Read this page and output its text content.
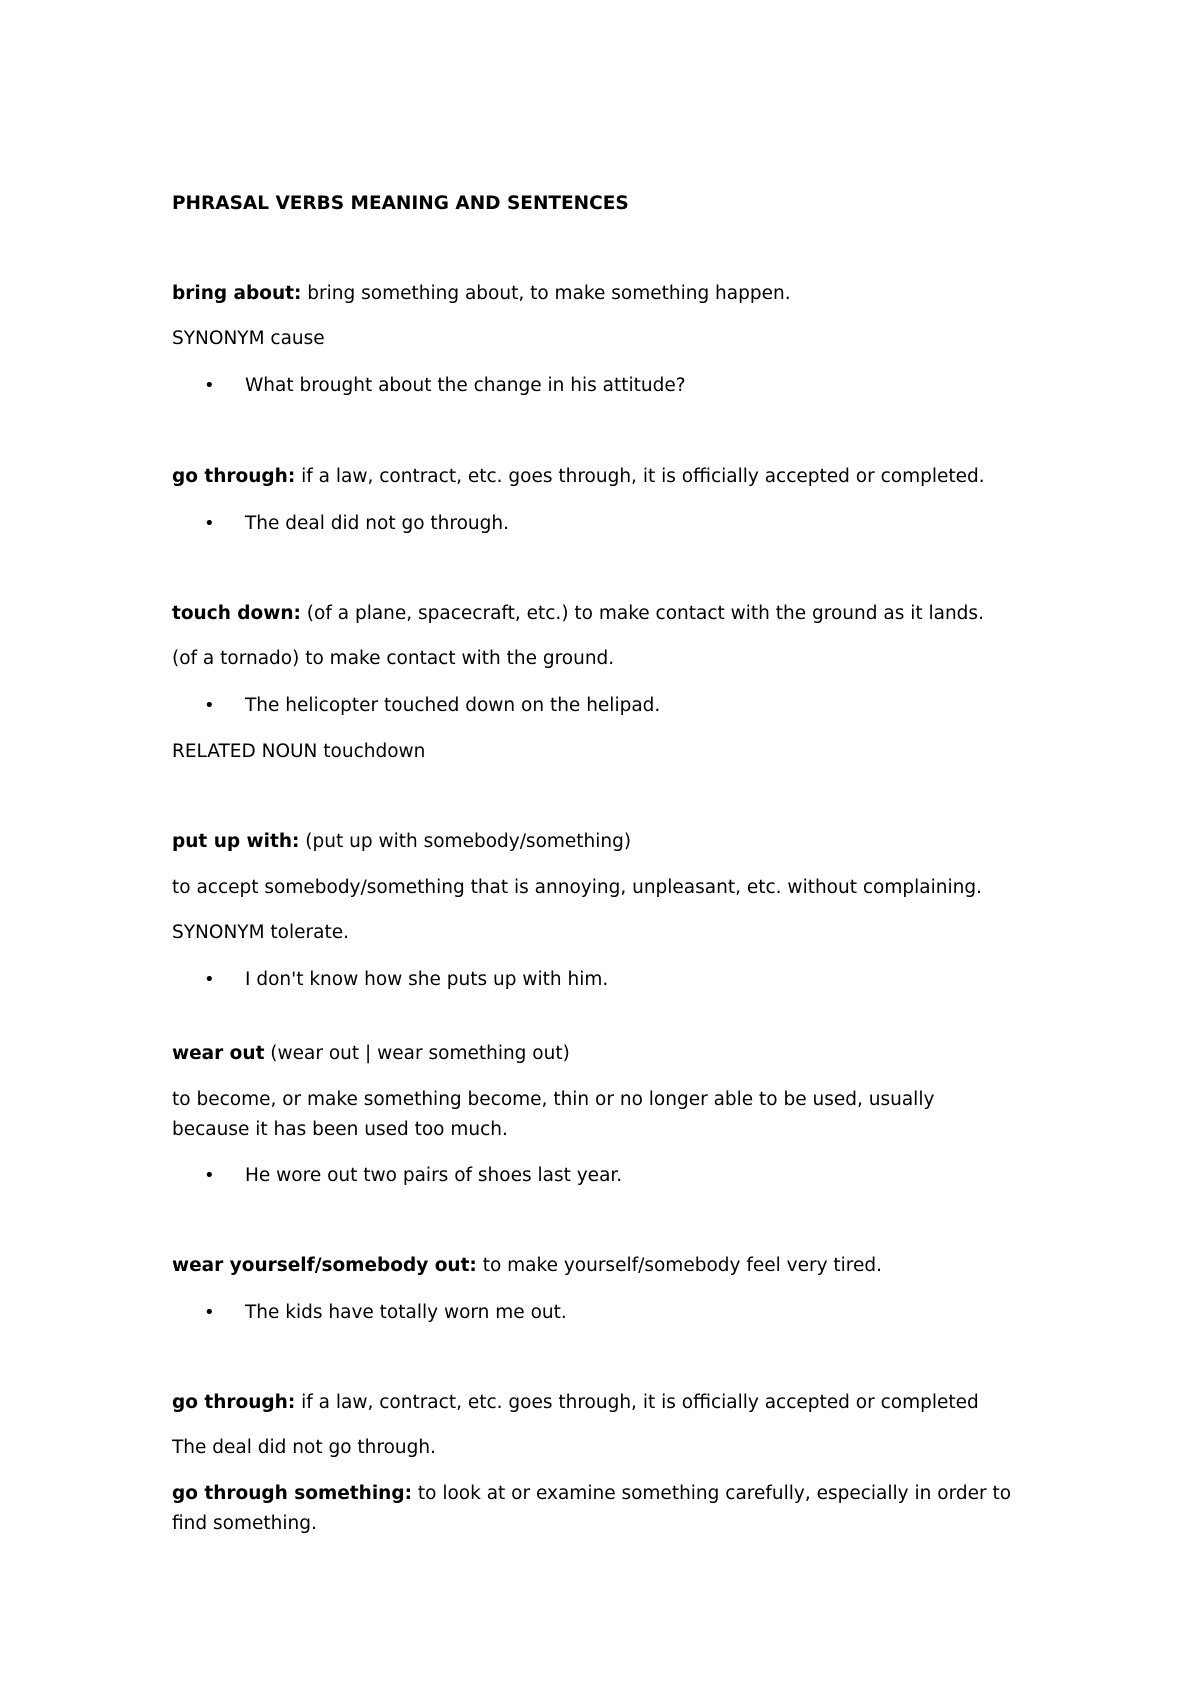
PHRASAL VERBS MEANING AND SENTENCES
bring about: bring something about, to make something happen.
SYNONYM cause
• What brought about the change in his attitude?
go through: if a law, contract, etc. goes through, it is officially accepted or completed.
• The deal did not go through.
touch down: (of a plane, spacecraft, etc.) to make contact with the ground as it lands.
(of a tornado) to make contact with the ground.
• The helicopter touched down on the helipad.
RELATED NOUN touchdown
put up with: (put up with somebody/something)
to accept somebody/something that is annoying, unpleasant, etc. without complaining.
SYNONYM tolerate.
• I don't know how she puts up with him.
wear out (wear out | wear something out)
to become, or make something become, thin or no longer able to be used, usually
because it has been used too much.
• He wore out two pairs of shoes last year.
wear yourself/somebody out: to make yourself/somebody feel very tired.
• The kids have totally worn me out.
go through: if a law, contract, etc. goes through, it is officially accepted or completed
The deal did not go through.
go through something: to look at or examine something carefully, especially in order to
find something.
